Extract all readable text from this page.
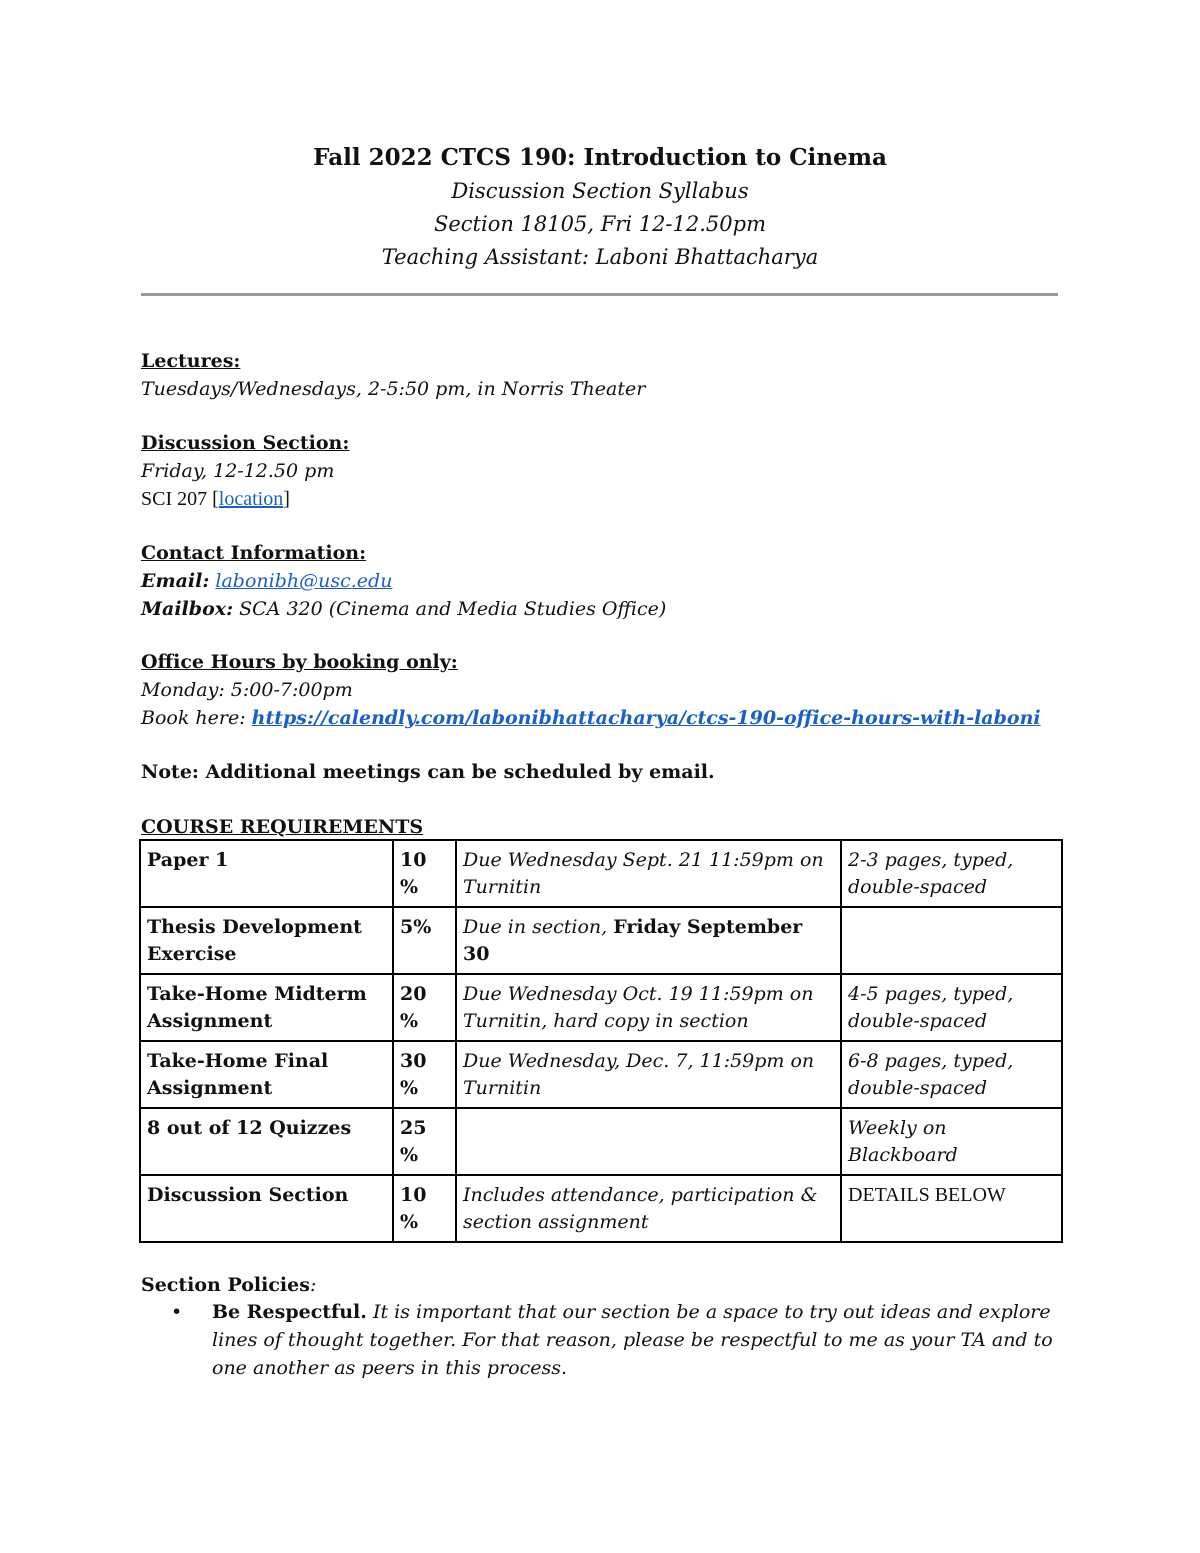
Fall 2022 CTCS 190: Introduction to Cinema
Discussion Section Syllabus
Section 18105, Fri 12-12.50pm
Teaching Assistant: Laboni Bhattacharya
Lectures:
Tuesdays/Wednesdays, 2-5:50 pm, in Norris Theater
Discussion Section:
Friday, 12-12.50 pm
SCI 207 [location]
Contact Information:
Email: labonibh@usc.edu
Mailbox: SCA 320 (Cinema and Media Studies Office)
Office Hours by booking only:
Monday: 5:00-7:00pm
Book here: https://calendly.com/labonibhattacharya/ctcs-190-office-hours-with-laboni
Note: Additional meetings can be scheduled by email.
COURSE REQUIREMENTS
Paper 1	10 %	Due Wednesday Sept. 21 11:59pm on Turnitin	2-3 pages, typed, double-spaced
Thesis Development Exercise	5%	Due in section, Friday September 30	
Take-Home Midterm Assignment	20 %	Due Wednesday Oct. 19 11:59pm on Turnitin, hard copy in section	4-5 pages, typed, double-spaced
Take-Home Final Assignment	30 %	Due Wednesday, Dec. 7, 11:59pm on Turnitin	6-8 pages, typed, double-spaced
8 out of 12 Quizzes	25 %		Weekly on Blackboard
Discussion Section	10 %	Includes attendance, participation & section assignment	DETAILS BELOW
Section Policies:
• Be Respectful. It is important that our section be a space to try out ideas and explore lines of thought together. For that reason, please be respectful to me as your TA and to one another as peers in this process.
